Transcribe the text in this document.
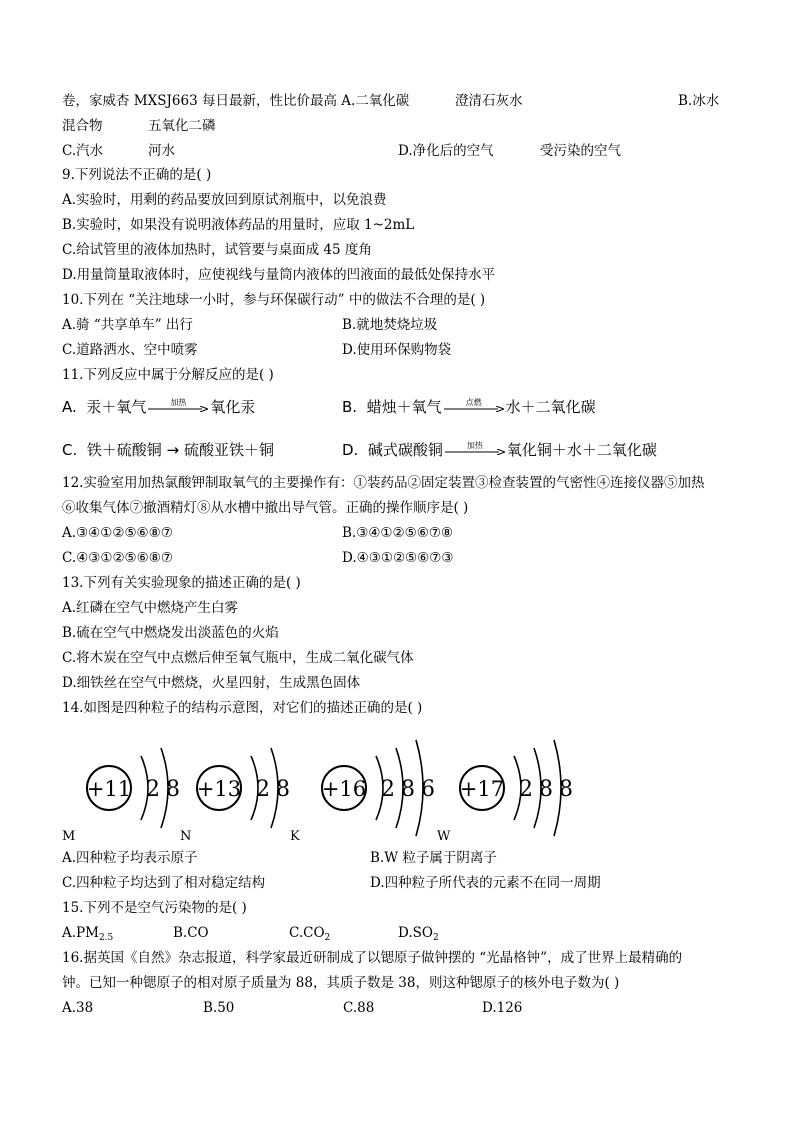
卷，家威杏 MXSJ663 每日最新，性比价最高 A.二氧化碳	澄清石灰水	B.冰水
混合物	五氧化二磷
C.汽水	河水	D.净化后的空气	受污染的空气
9.下列说法不正确的是( )
A.实验时，用剩的药品要放回到原试剂瓶中，以免浪费
B.实验时，如果没有说明液体药品的用量时，应取 1~2mL
C.给试管里的液体加热时，试管要与桌面成 45 度角
D.用量筒量取液体时，应使视线与量筒内液体的凹液面的最低处保持水平
10.下列在 “关注地球一小时，参与环保碳行动” 中的做法不合理的是( )
A.骑 “共享单车” 出行	B.就地焚烧垃圾
C.道路洒水、空中喷雾	D.使用环保购物袋
11.下列反应中属于分解反应的是( )
A. 汞＋氧气	加热	氧化汞	B. 蜡烛＋氧气	点燃	水＋二氧化碳
C. 铁＋硫酸铜 → 硫酸亚铁＋铜	D. 碱式碳酸铜	加热	氧化铜＋水＋二氧化碳
12.实验室用加热氯酸钾制取氧气的主要操作有：①装药品②固定装置③检查装置的气密性④连接仪器⑤加热
⑥收集气体⑦撤酒精灯⑧从水槽中撤出导气管。正确的操作顺序是( )
A.③④①②⑤⑥⑧⑦	B.③④①②⑤⑥⑦⑧
C.④③①②⑤⑥⑧⑦	D.④③①②⑤⑥⑦③
13.下列有关实验现象的描述正确的是( )
A.红磷在空气中燃烧产生白雾
B.硫在空气中燃烧发出淡蓝色的火焰
C.将木炭在空气中点燃后伸至氧气瓶中，生成二氧化碳气体
D.细铁丝在空气中燃烧，火星四射，生成黑色固体
14.如图是四种粒子的结构示意图，对它们的描述正确的是( )
+11 2 8
M
+13 2 8
N
+16 2 8 6
K
+17 2 8 8
W
A.四种粒子均表示原子	B.W 粒子属于阴离子
C.四种粒子均达到了相对稳定结构	D.四种粒子所代表的元素不在同一周期
15.下列不是空气污染物的是( )
$A.PM_{2.5}$	B.CO	$C.CO_2$	$D.SO_2$
16.据英国《自然》杂志报道，科学家最近研制成了以锶原子做钟摆的 “光晶格钟”，成了世界上最精确的
钟。已知一种锶原子的相对原子质量为 88，其质子数是 38，则这种锶原子的核外电子数为( )
A.38	B.50	C.88	D.126
